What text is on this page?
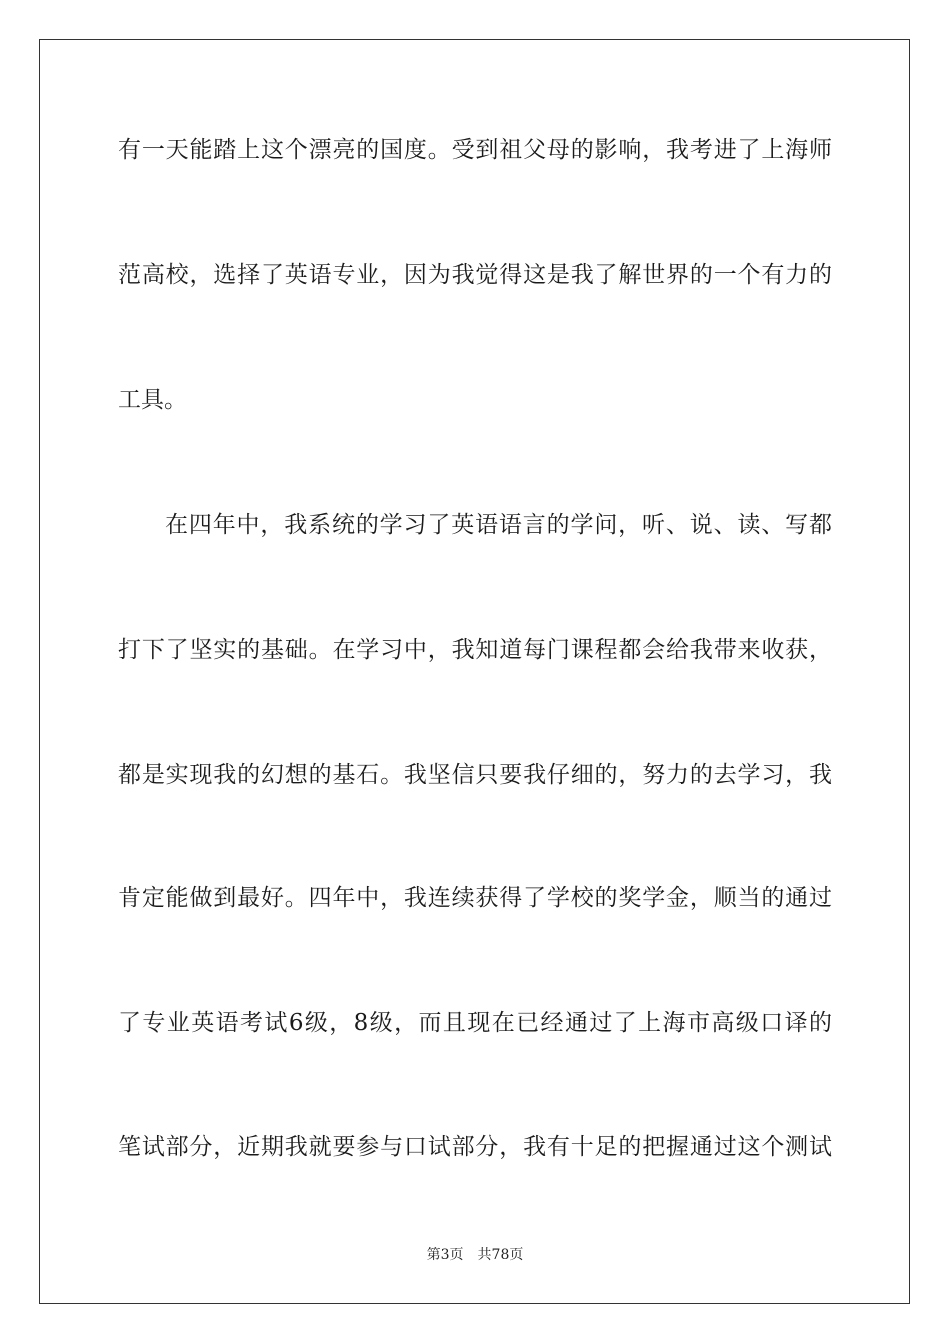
有一天能踏上这个漂亮的国度。受到祖父母的影响，我考进了上海师
范高校，选择了英语专业，因为我觉得这是我了解世界的一个有力的
工具。
在四年中，我系统的学习了英语语言的学问，听、说、读、写都
打下了坚实的基础。在学习中，我知道每门课程都会给我带来收获，
都是实现我的幻想的基石。我坚信只要我仔细的，努力的去学习，我
肯定能做到最好。四年中，我连续获得了学校的奖学金，顺当的通过
了专业英语考试6级，8级，而且现在已经通过了上海市高级口译的
笔试部分，近期我就要参与口试部分，我有十足的把握通过这个测试
第3页 共78页
